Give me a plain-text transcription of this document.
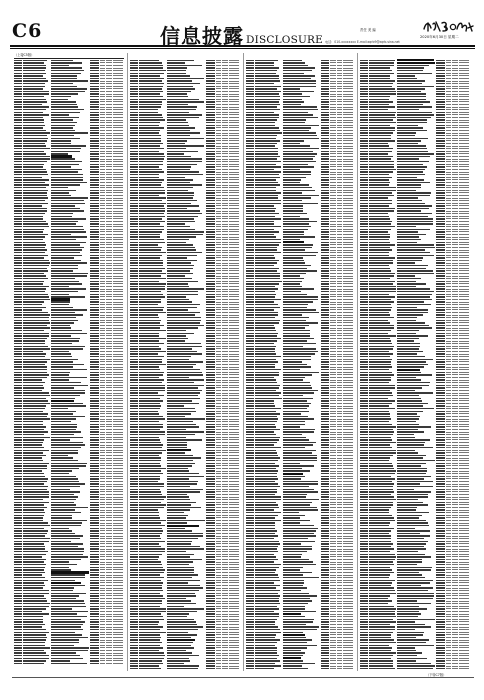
C6	信息披露 DISCLOSURE
责任 美 编
电话：010-xxxxxxxx E-mail:zqrb9@zqrb.sina.net
2020年6月30日 星期二
（上接C5版）
（下转C7版）
